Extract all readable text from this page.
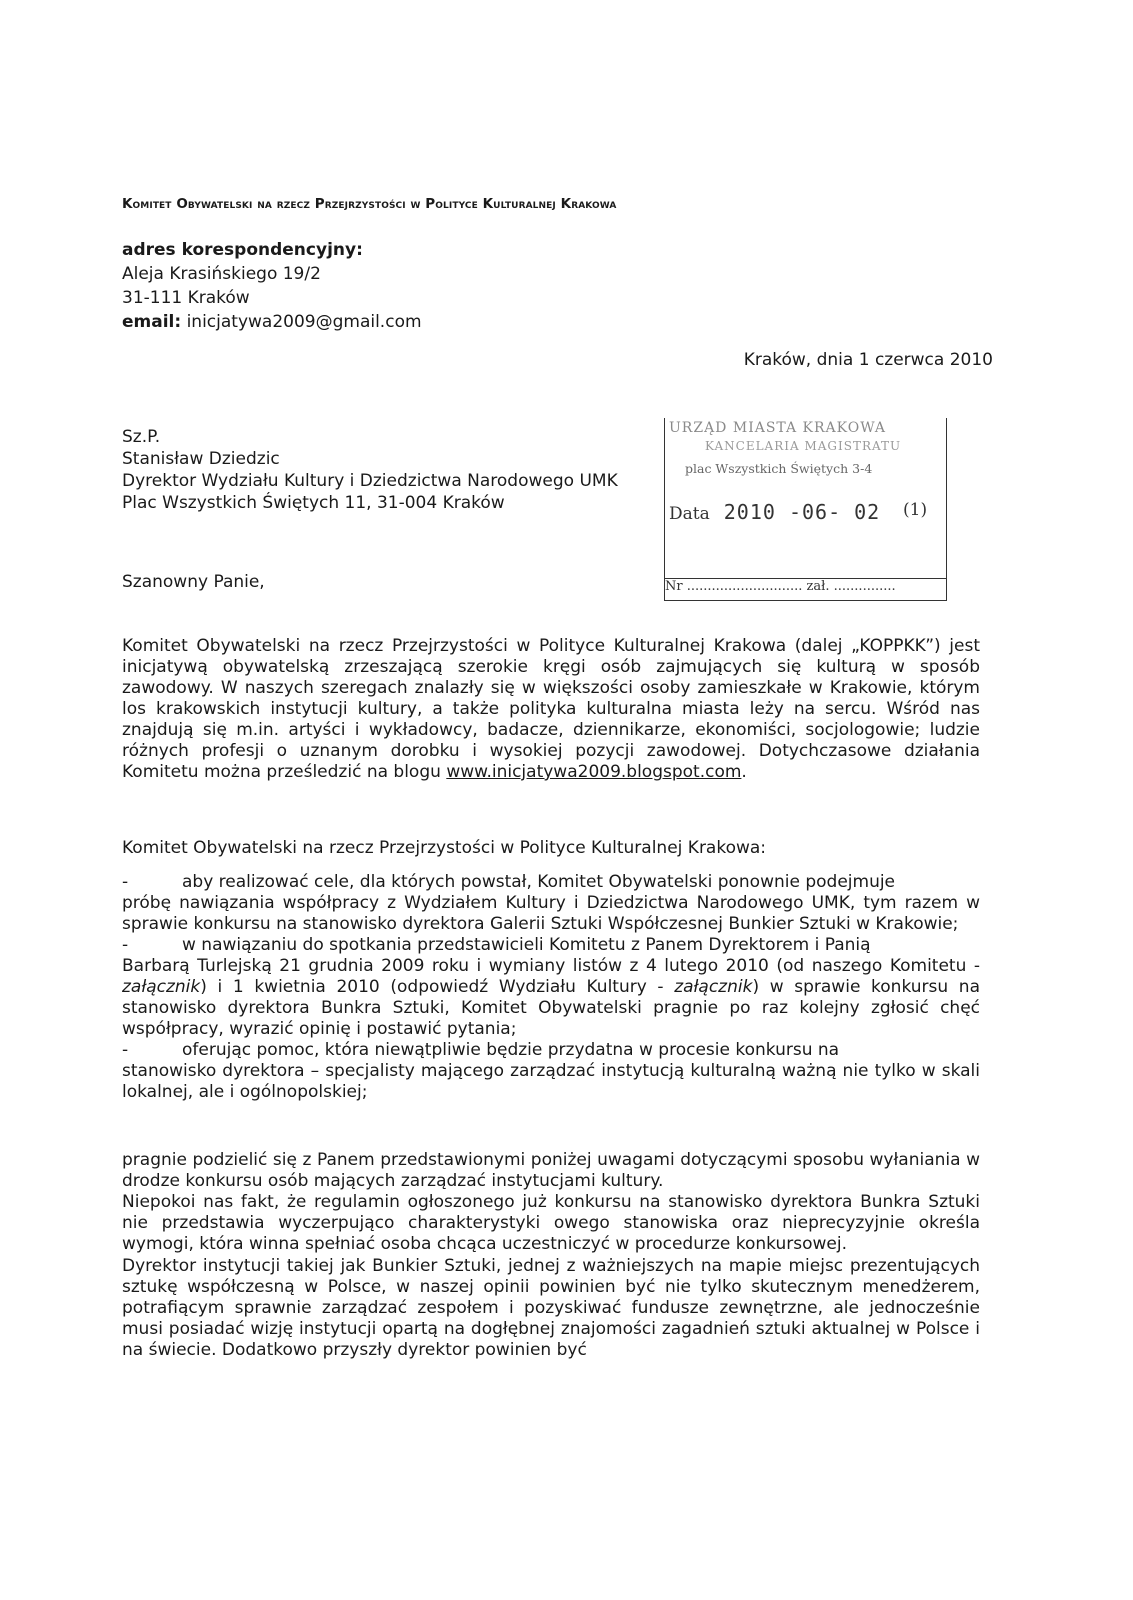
Komitet Obywatelski na rzecz Przejrzystości w Polityce Kulturalnej Krakowa
adres korespondencyjny:
Aleja Krasińskiego 19/2
31-111 Kraków
email: inicjatywa2009@gmail.com
Kraków, dnia 1 czerwca 2010
Sz.P.
Stanisław Dziedzic
Dyrektor Wydziału Kultury i Dziedzictwa Narodowego UMK
Plac Wszystkich Świętych 11, 31-004 Kraków
URZĄD MIASTA KRAKOWA
KANCELARIA MAGISTRATU
plac Wszystkich Świętych 3-4
Data 2010 -06- 02 (1)
Nr ............................ zał. ...............
Szanowny Panie,

Komitet Obywatelski na rzecz Przejrzystości w Polityce Kulturalnej Krakowa (dalej „KOPPKK”) jest inicjatywą obywatelską zrzeszającą szerokie kręgi osób zajmujących się kulturą w sposób zawodowy. W naszych szeregach znalazły się w większości osoby zamieszkałe w Krakowie, którym los krakowskich instytucji kultury, a także polityka kulturalna miasta leży na sercu. Wśród nas znajdują się m.in. artyści i wykładowcy, badacze, dziennikarze, ekonomiści, socjologowie; ludzie różnych profesji o uznanym dorobku i wysokiej pozycji zawodowej. Dotychczasowe działania Komitetu można prześledzić na blogu www.inicjatywa2009.blogspot.com.

Komitet Obywatelski na rzecz Przejrzystości w Polityce Kulturalnej Krakowa:
-	aby realizować cele, dla których powstał, Komitet Obywatelski ponownie podejmuje
próbę nawiązania współpracy z Wydziałem Kultury i Dziedzictwa Narodowego UMK, tym razem w sprawie konkursu na stanowisko dyrektora Galerii Sztuki Współczesnej Bunkier Sztuki w Krakowie;
-	w nawiązaniu do spotkania przedstawicieli Komitetu z Panem Dyrektorem i Panią
Barbarą Turlejską 21 grudnia 2009 roku i wymiany listów z 4 lutego 2010 (od naszego Komitetu - załącznik) i 1 kwietnia 2010 (odpowiedź Wydziału Kultury - załącznik) w sprawie konkursu na stanowisko dyrektora Bunkra Sztuki, Komitet Obywatelski pragnie po raz kolejny zgłosić chęć współpracy, wyrazić opinię i postawić pytania;
-	oferując pomoc, która niewątpliwie będzie przydatna w procesie konkursu na
stanowisko dyrektora – specjalisty mającego zarządzać instytucją kulturalną ważną nie tylko w skali lokalnej, ale i ogólnopolskiej;
pragnie podzielić się z Panem przedstawionymi poniżej uwagami dotyczącymi sposobu wyłaniania w drodze konkursu osób mających zarządzać instytucjami kultury.
Niepokoi nas fakt, że regulamin ogłoszonego już konkursu na stanowisko dyrektora Bunkra Sztuki nie przedstawia wyczerpująco charakterystyki owego stanowiska oraz nieprecyzyjnie określa wymogi, która winna spełniać osoba chcąca uczestniczyć w procedurze konkursowej.
Dyrektor instytucji takiej jak Bunkier Sztuki, jednej z ważniejszych na mapie miejsc prezentujących sztukę współczesną w Polsce, w naszej opinii powinien być nie tylko skutecznym menedżerem, potrafiącym sprawnie zarządzać zespołem i pozyskiwać fundusze zewnętrzne, ale jednocześnie musi posiadać wizję instytucji opartą na dogłębnej znajomości zagadnień sztuki aktualnej w Polsce i na świecie. Dodatkowo przyszły dyrektor powinien być
